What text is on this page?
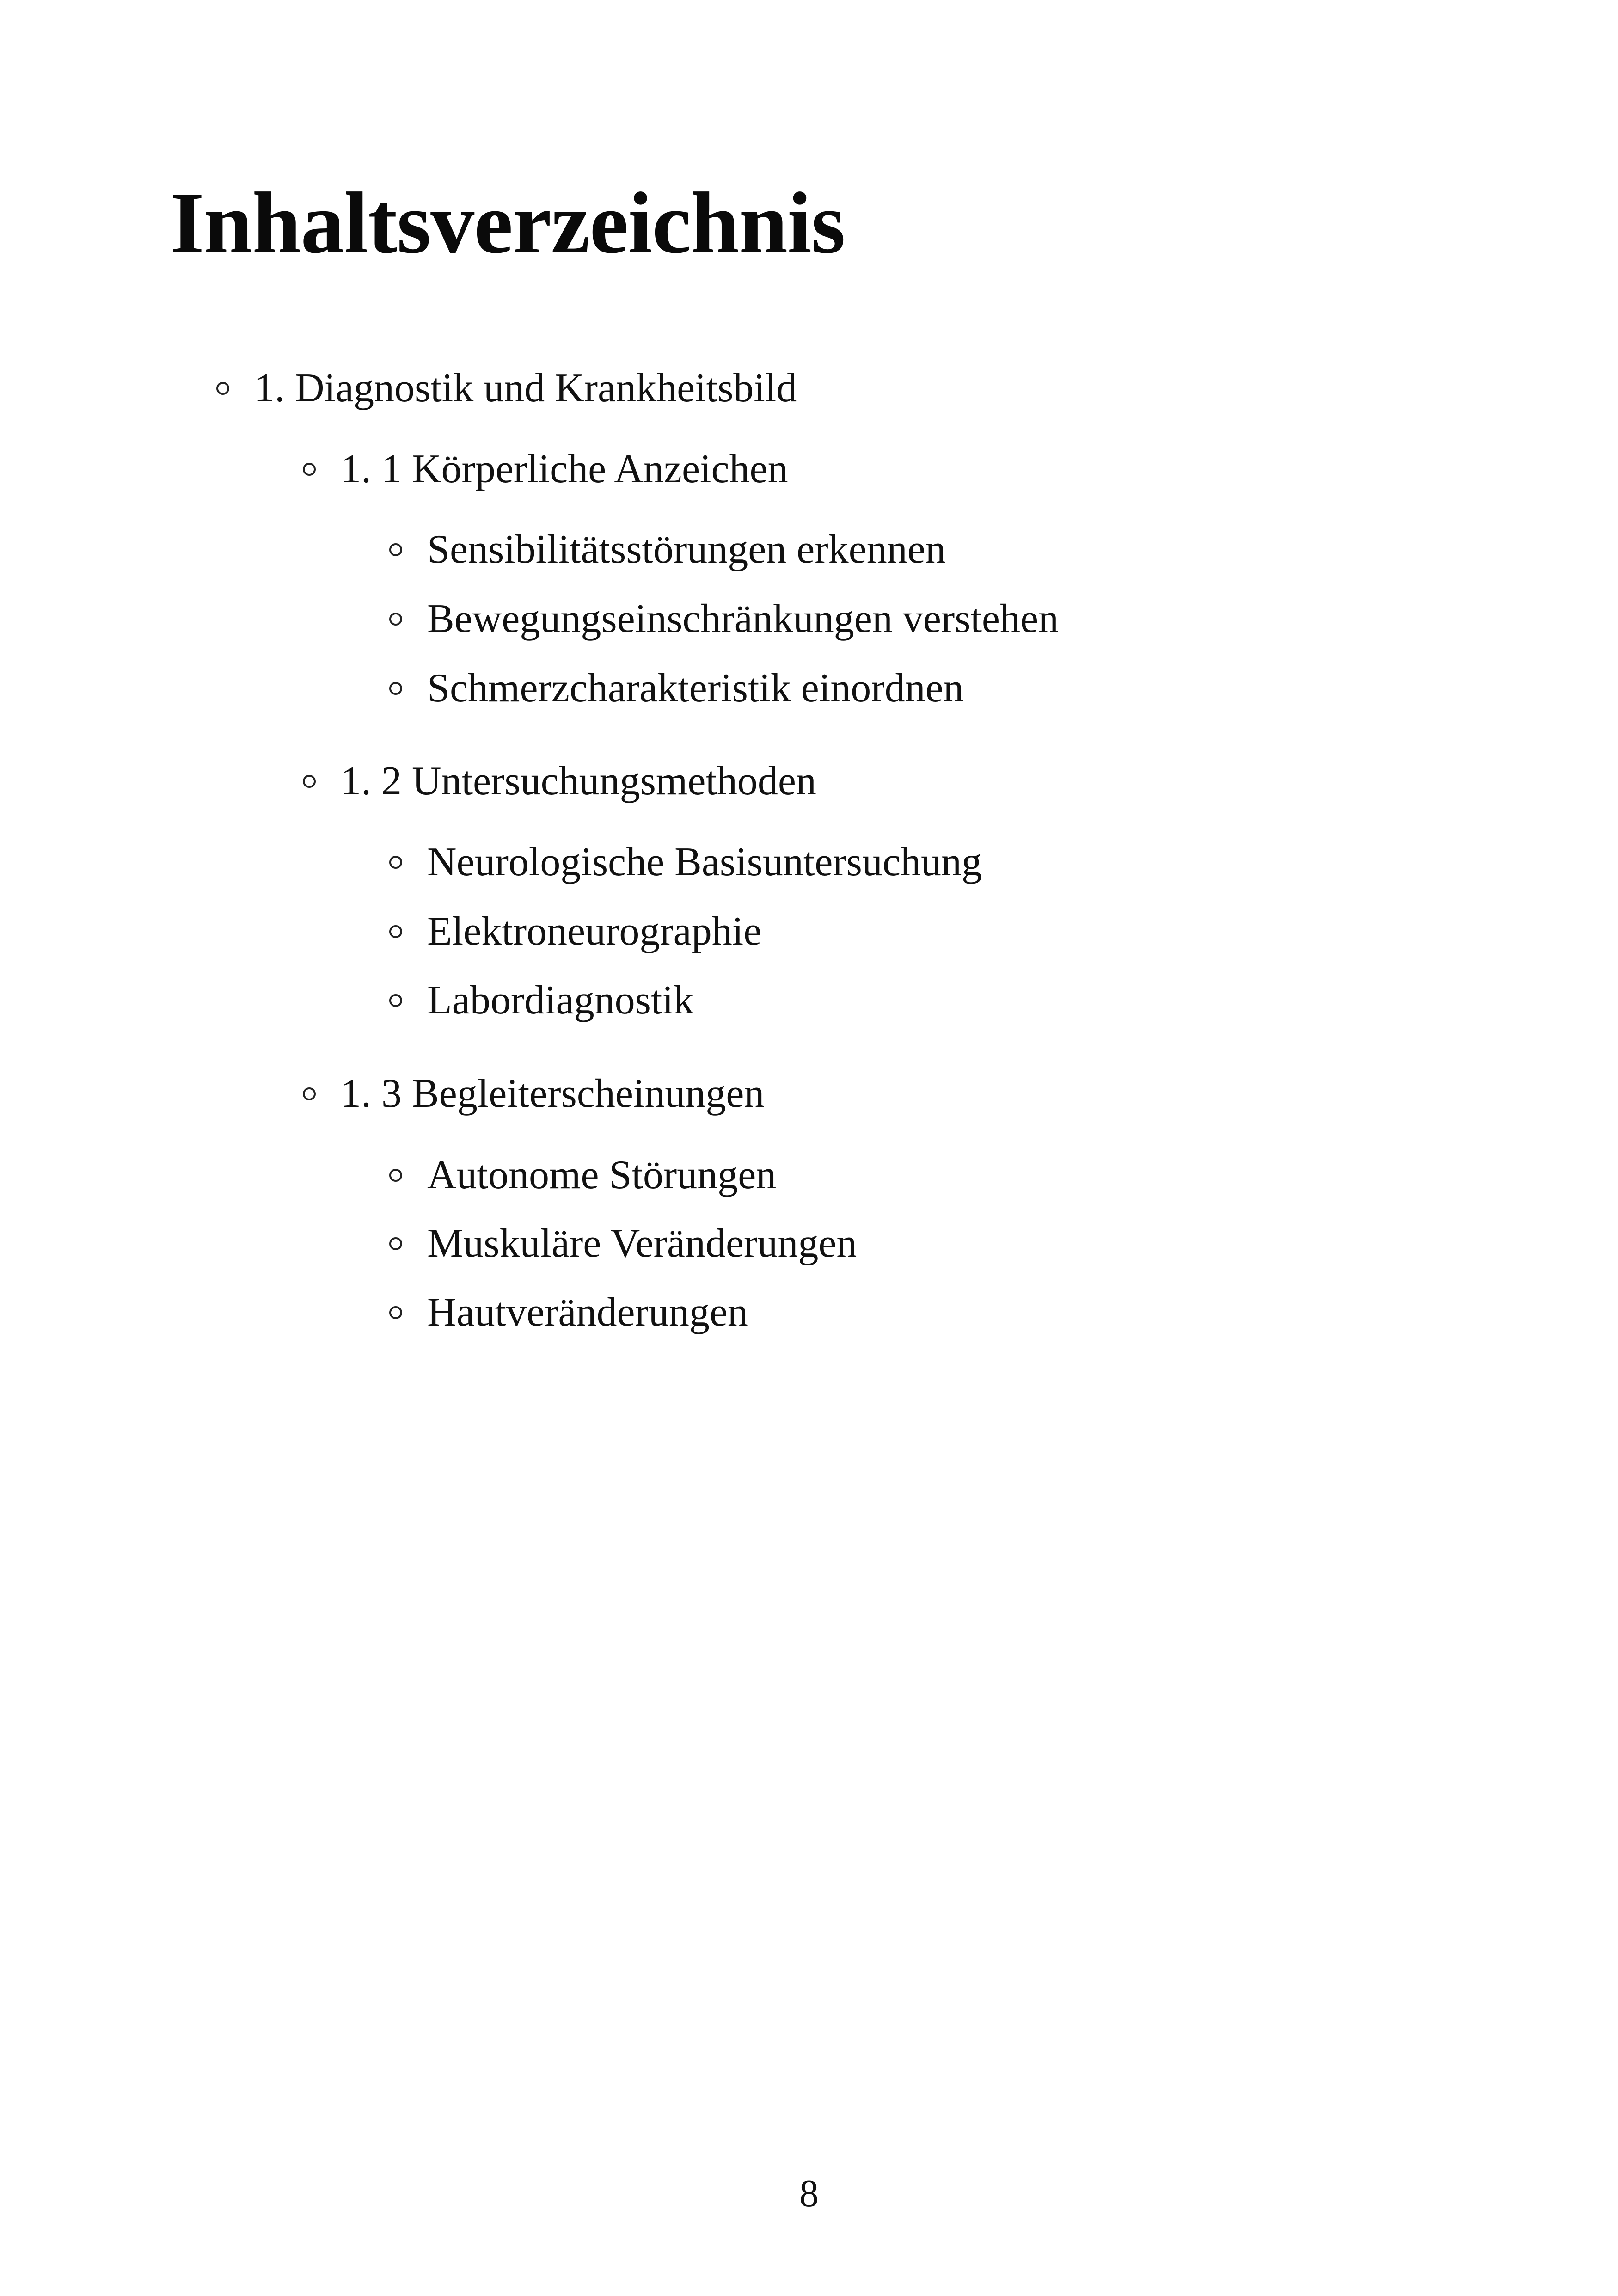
Inhaltsverzeichnis
1. Diagnostik und Krankheitsbild
1. 1 Körperliche Anzeichen
Sensibilitätsstörungen erkennen
Bewegungseinschränkungen verstehen
Schmerzcharakteristik einordnen
1. 2 Untersuchungsmethoden
Neurologische Basisuntersuchung
Elektroneurographie
Labordiagnostik
1. 3 Begleiterscheinungen
Autonome Störungen
Muskuläre Veränderungen
Hautveränderungen
8
